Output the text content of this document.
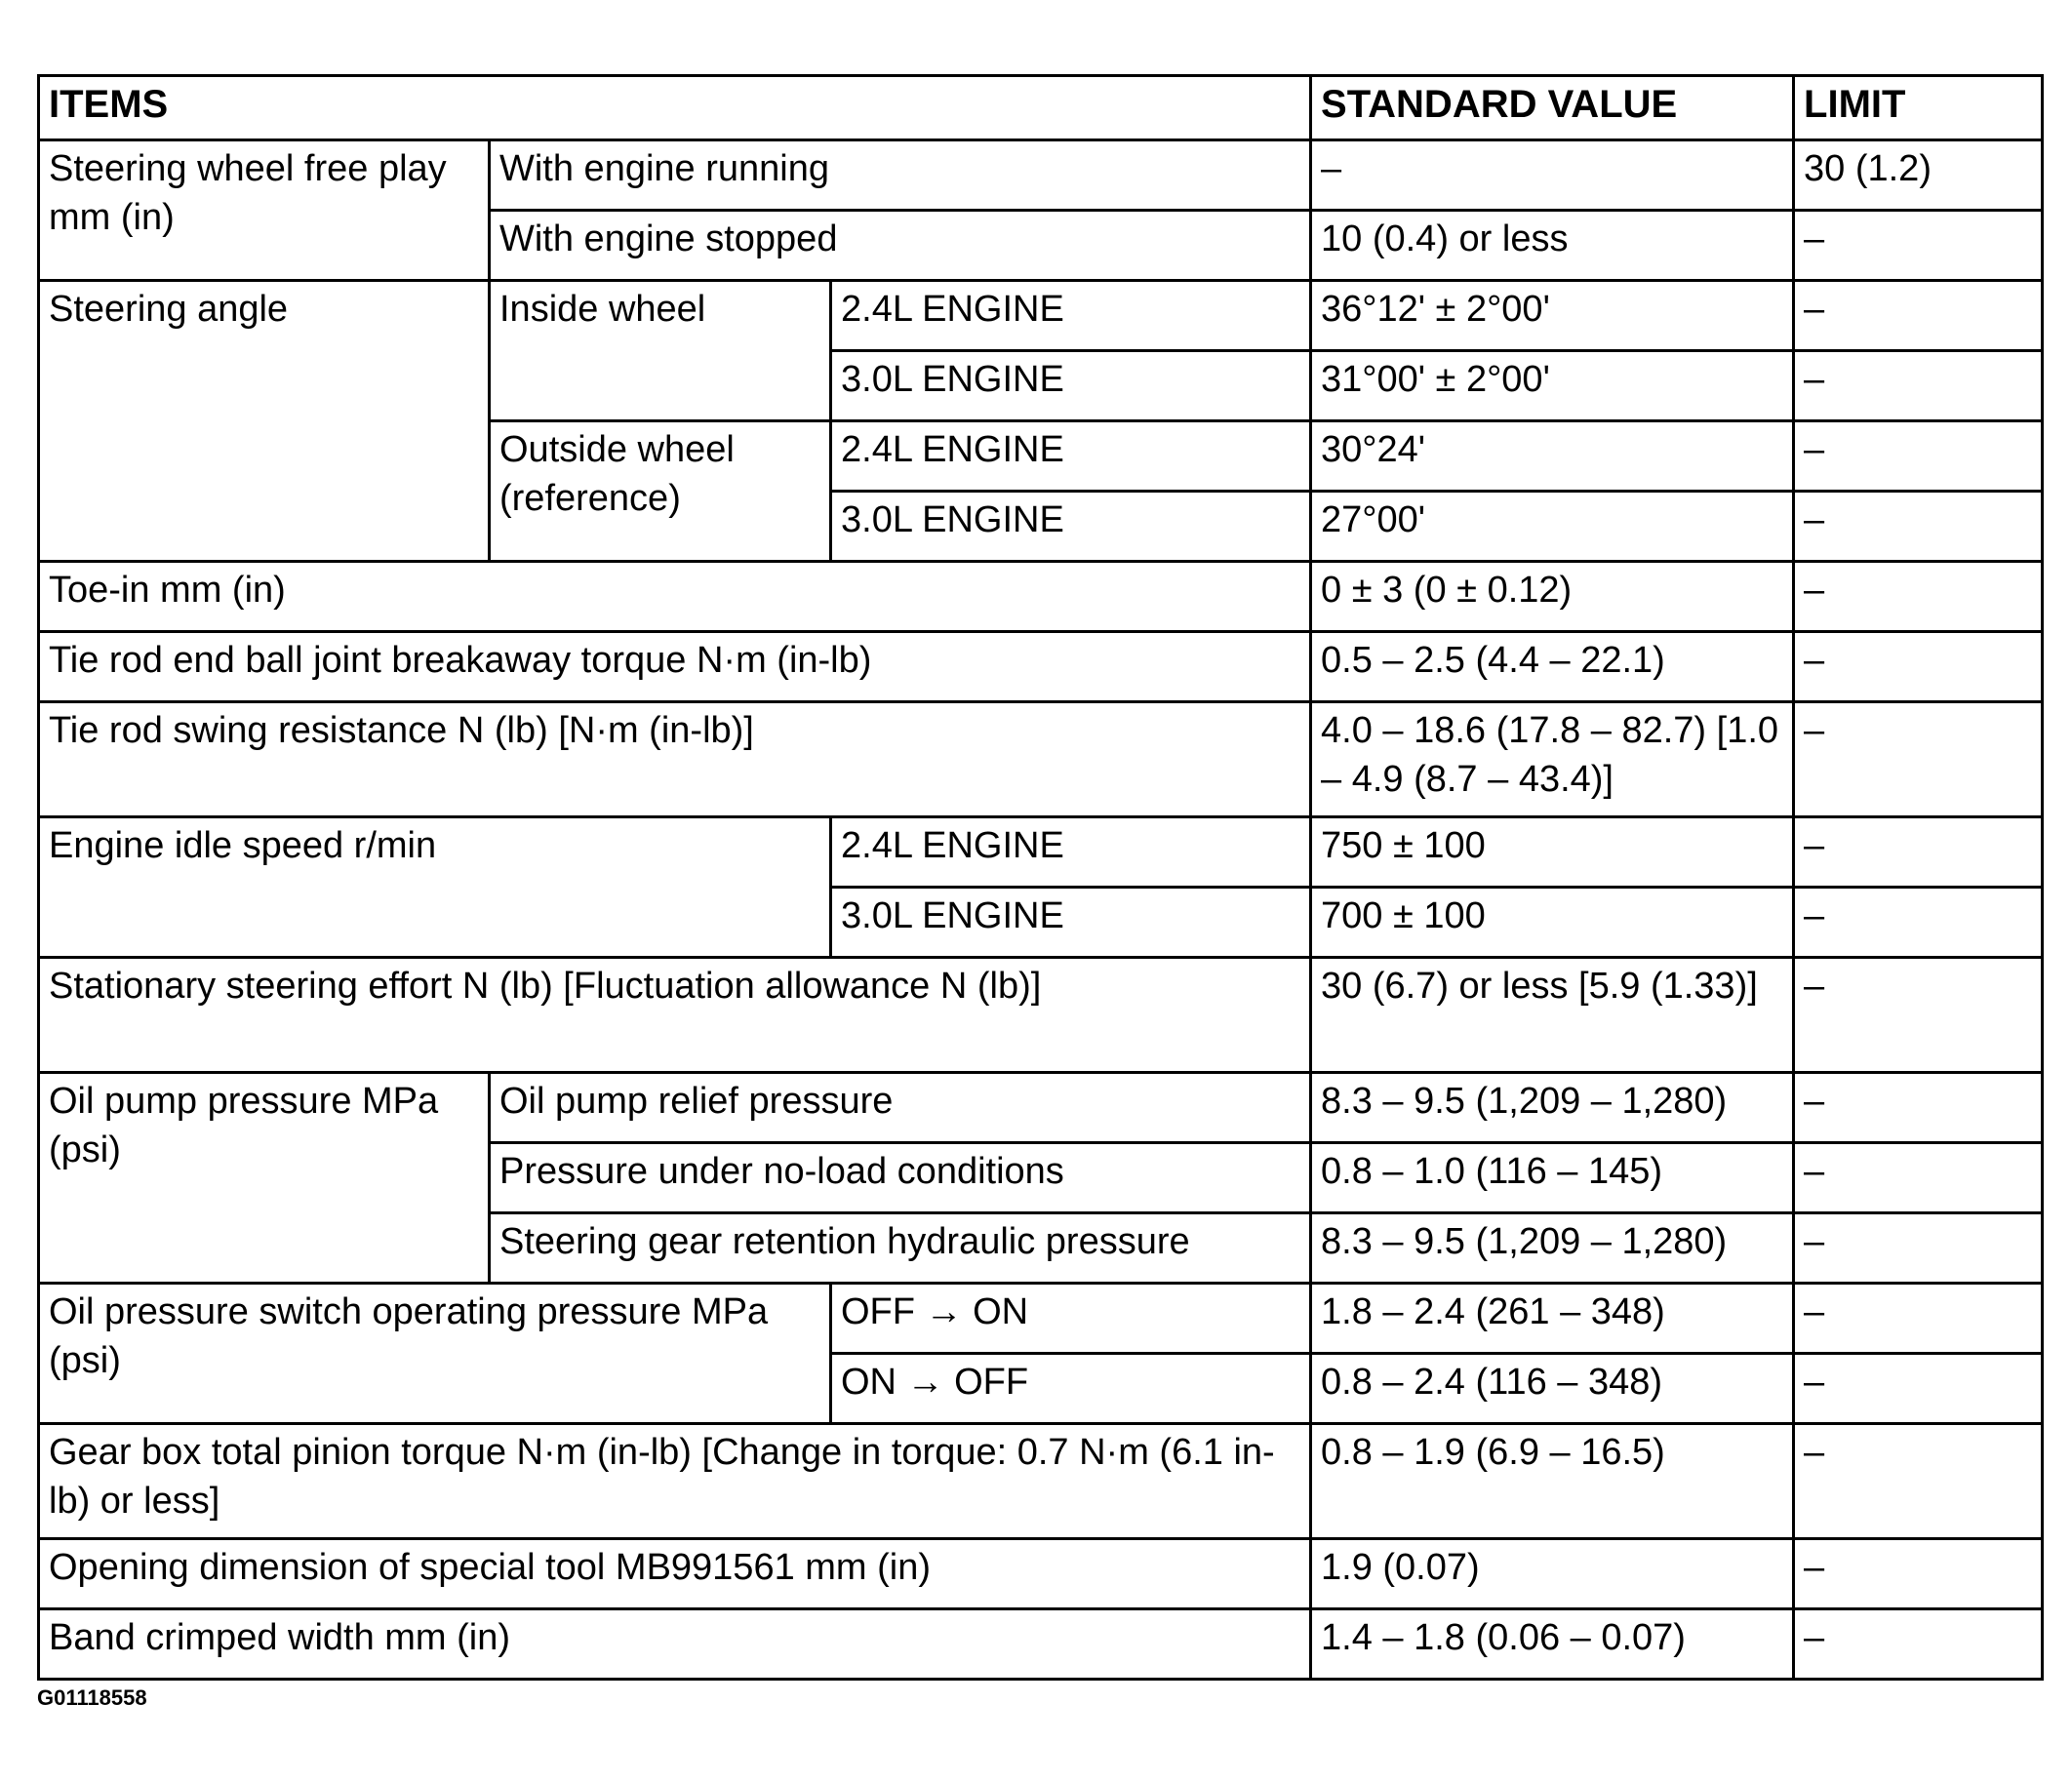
ITEMS			STANDARD VALUE	LIMIT
Steering wheel free play mm (in)	With engine running		–	30 (1.2)
	With engine stopped		10 (0.4) or less	–
Steering angle	Inside wheel	2.4L ENGINE	36°12' ± 2°00'	–
		3.0L ENGINE	31°00' ± 2°00'	–
	Outside wheel (reference)	2.4L ENGINE	30°24'	–
		3.0L ENGINE	27°00'	–
Toe-in mm (in)			0 ± 3 (0 ± 0.12)	–
Tie rod end ball joint breakaway torque N·m (in-lb)			0.5 – 2.5 (4.4 – 22.1)	–
Tie rod swing resistance N (lb) [N·m (in-lb)]			4.0 – 18.6 (17.8 – 82.7) [1.0 – 4.9 (8.7 – 43.4)]	–
Engine idle speed r/min		2.4L ENGINE	750 ± 100	–
		3.0L ENGINE	700 ± 100	–
Stationary steering effort N (lb) [Fluctuation allowance N (lb)]			30 (6.7) or less [5.9 (1.33)]	–
Oil pump pressure MPa (psi)	Oil pump relief pressure		8.3 – 9.5 (1,209 – 1,280)	–
	Pressure under no-load conditions		0.8 – 1.0 (116 – 145)	–
	Steering gear retention hydraulic pressure		8.3 – 9.5 (1,209 – 1,280)	–
Oil pressure switch operating pressure MPa (psi)		OFF → ON	1.8 – 2.4 (261 – 348)	–
		ON → OFF	0.8 – 2.4 (116 – 348)	–
Gear box total pinion torque N·m (in-lb) [Change in torque: 0.7 N·m (6.1 in-lb) or less]			0.8 – 1.9 (6.9 – 16.5)	–
Opening dimension of special tool MB991561 mm (in)			1.9 (0.07)	–
Band crimped width mm (in)			1.4 – 1.8 (0.06 – 0.07)	–
G01118558
